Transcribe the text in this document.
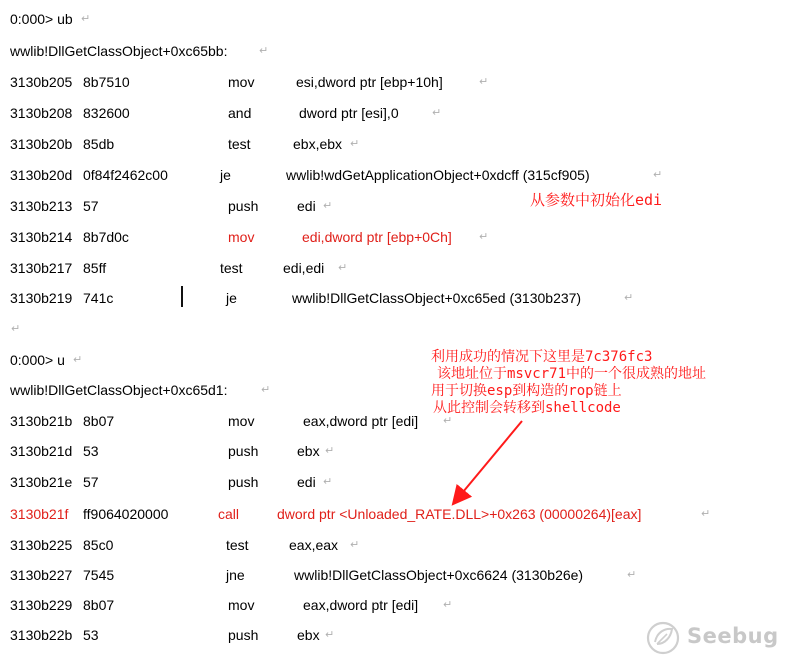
0:000> ub ↵
wwlib!DllGetClassObject+0xc65bb:	↵
3130b205 8b7510	mov	esi,dword ptr [ebp+10h]	↵
3130b208 832600	and	dword ptr [esi],0	↵
3130b20b 85db	test	ebx,ebx ↵
3130b20d 0f84f2462c00	je	wwlib!wdGetApplicationObject+0xdcff (315cf905)	↵
3130b213 57	push	edi ↵
3130b214 8b7d0c	mov	edi,dword ptr [ebp+0Ch] ↵
3130b217 85ff	test	edi,edi ↵
3130b219 741c	je	wwlib!DllGetClassObject+0xc65ed (3130b237)	↵
↵
0:000> u ↵
wwlib!DllGetClassObject+0xc65d1:	↵
3130b21b 8b07	mov	eax,dword ptr [edi] ↵
3130b21d 53	push	ebx ↵
3130b21e 57	push	edi ↵
3130b21f ff9064020000	call	dword ptr <Unloaded_RATE.DLL>+0x263 (00000264)[eax]	↵
3130b225 85c0	test	eax,eax ↵
3130b227 7545	jne	wwlib!DllGetClassObject+0xc6624 (3130b26e)	↵
3130b229 8b07	mov	eax,dword ptr [edi] ↵
3130b22b 53	push	ebx ↵
从参数中初始化edi
利用成功的情况下这里是7c376fc3
该地址位于msvcr71中的一个很成熟的地址
用于切换esp到构造的rop链上
从此控制会转移到shellcode
Seebug
